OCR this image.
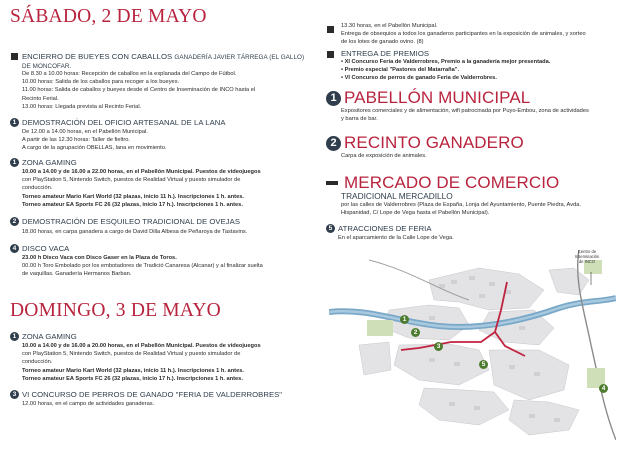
SÁBADO, 2 DE MAYO
ENCIERRO DE BUEYES CON CABALLOS GANADERÍA JAVIER TÁRREGA (EL GALLO)
DE MONCOFAR.
De 8.30 a 10.00 horas: Recepción de caballos en la explanada del Campo de Fútbol.
10.00 horas: Salida de los caballos para recoger a los bueyes.
11.00 horas: Salida de caballos y bueyes desde el Centro de Inseminación de INCO hasta el
Recinto Ferial.
13.00 horas: Llegada prevista al Recinto Ferial.
1 DEMOSTRACIÓN DEL OFICIO ARTESANAL DE LA LANA
De 12.00 a 14.00 horas, en el Pabellón Municipal.
A partir de las 12.30 horas: Taller de fieltro.
A cargo de la agrupación OBELLAS, lana en movimiento.
1 ZONA GAMING
10.00 a 14.00 y de 16.00 a 22.00 horas, en el Pabellón Municipal. Puestos de videojuegos
con PlayStation 5, Nintendo Switch, puestos de Realidad Virtual y puesto simulador de
conducción.
Torneo amateur Mario Kart World (32 plazas, inicio 11 h.). Inscripciones 1 h. antes.
Torneo amateur EA Sports FC 26 (32 plazas, inicio 17 h.). Inscripciones 1 h. antes.
2 DEMOSTRACIÓN DE ESQUILEO TRADICIONAL DE OVEJAS
18.00 horas, en carpa ganadera a cargo de David Dilla Albesa de Peñaroya de Tastavins.
4 DISCO VACA
23.00 h Disco Vaca con Disco Gaser en la Plaza de Toros.
00.00 h Toro Embolado por los embotadores de Tradició Canaresa (Alcanar) y al finalizar suelta
de vaquillas. Ganadería Hermanos Barban.
DOMINGO, 3 DE MAYO
1 ZONA GAMING
10.00 a 14.00 y de 16.00 a 20.00 horas, en el Pabellón Municipal. Puestos de videojuegos
con PlayStation 5, Nintendo Switch, puestos de Realidad Virtual y puesto simulador de
conducción.
Torneo amateur Mario Kart World (32 plazas, inicio 11 h.). Inscripciones 1 h. antes.
Torneo amateur EA Sports FC 26 (32 plazas, inicio 17 h.). Inscripciones 1 h. antes.
3 VI CONCURSO DE PERROS DE GANADO "FERIA DE VALDERROBRES"
12.00 horas, en el campo de actividades ganaderas.
13.30 horas, en el Pabellón Municipal.
Entrega de obsequios a todos los ganaderos participantes en la exposición de animales, y sorteo
de los lotes de ganado ovino. (8)
ENTREGA DE PREMIOS
• XI Concurso Feria de Valderrobres, Premio a la ganadería mejor presentada.
• Premio especial "Pastores del Matarraña".
• VI Concurso de perros de ganado Feria de Valderrobres.
1 PABELLÓN MUNICIPAL
Expositores comerciales y de alimentación, wifi patrocinada por Puyo-Embou, zona de actividades
y barra de bar.
2 RECINTO GANADERO
Carpa de exposición de animales.
MERCADO DE COMERCIO
TRADICIONAL MERCADILLO
por las calles de Valderrobres (Plaza de España, Lonja del Ayuntamiento, Puente Piedra, Avda.
Hispanidad, C/ Lope de Vega hasta el Pabellón Municipal).
5 ATRACCIONES DE FERIA
En el aparcamiento de la Calle Lope de Vega.
1
2
3
4
5
Centro de
Inseminación
de INCO
